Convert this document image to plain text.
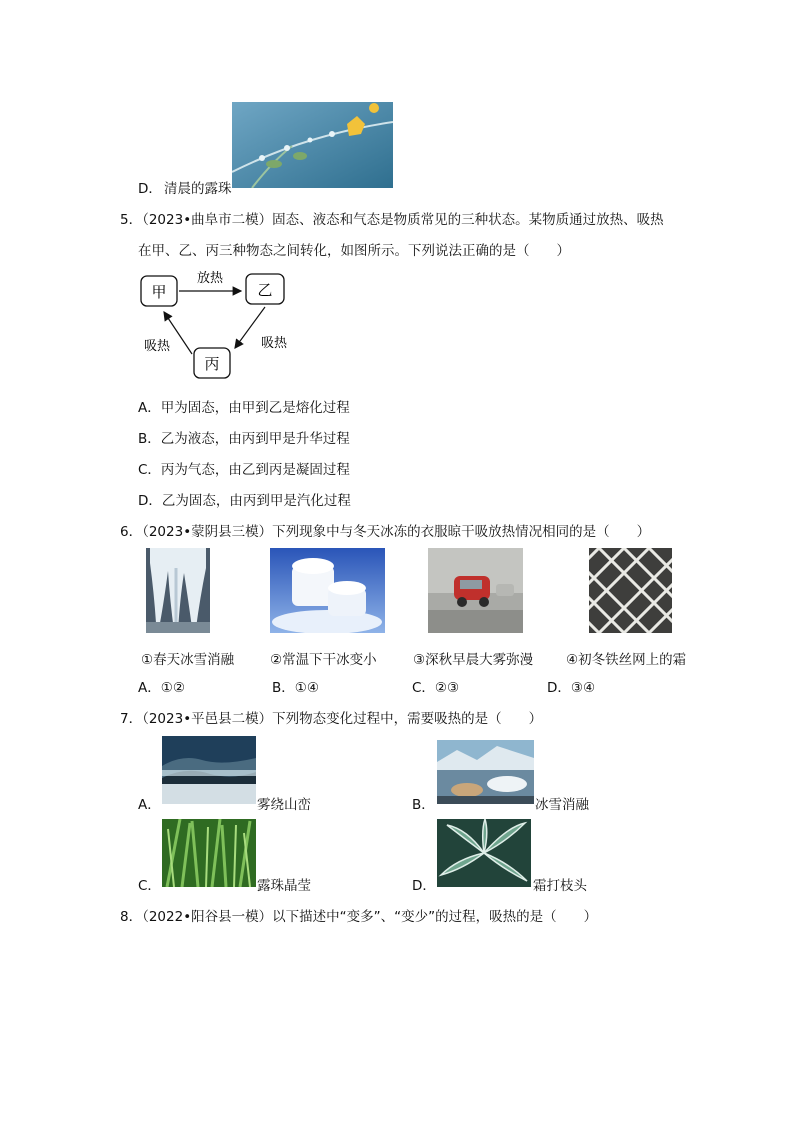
D． 清晨的露珠
5．（2023•曲阜市二模）固态、液态和气态是物质常见的三种状态。某物质通过放热、吸热
在甲、乙、丙三种物态之间转化，如图所示。下列说法正确的是（　　）
甲	乙
丙
放热
吸热
吸热
A．甲为固态，由甲到乙是熔化过程
B．乙为液态，由丙到甲是升华过程
C．丙为气态，由乙到丙是凝固过程
D．乙为固态，由丙到甲是汽化过程
6．（2023•蒙阴县三模）下列现象中与冬天冰冻的衣服晾干吸放热情况相同的是（　　）
①春天冰雪消融	②常温下干冰变小	③深秋早晨大雾弥漫 ④初冬铁丝网上的霜
A．①②	B．①④	C．②③	D．③④
7．（2023•平邑县二模）下列物态变化过程中，需要吸热的是（　　）
A．	雾绕山峦	B．	冰雪消融
C．	露珠晶莹	D．	霜打枝头
8．（2022•阳谷县一模）以下描述中“变多”、“变少”的过程，吸热的是（　　）
